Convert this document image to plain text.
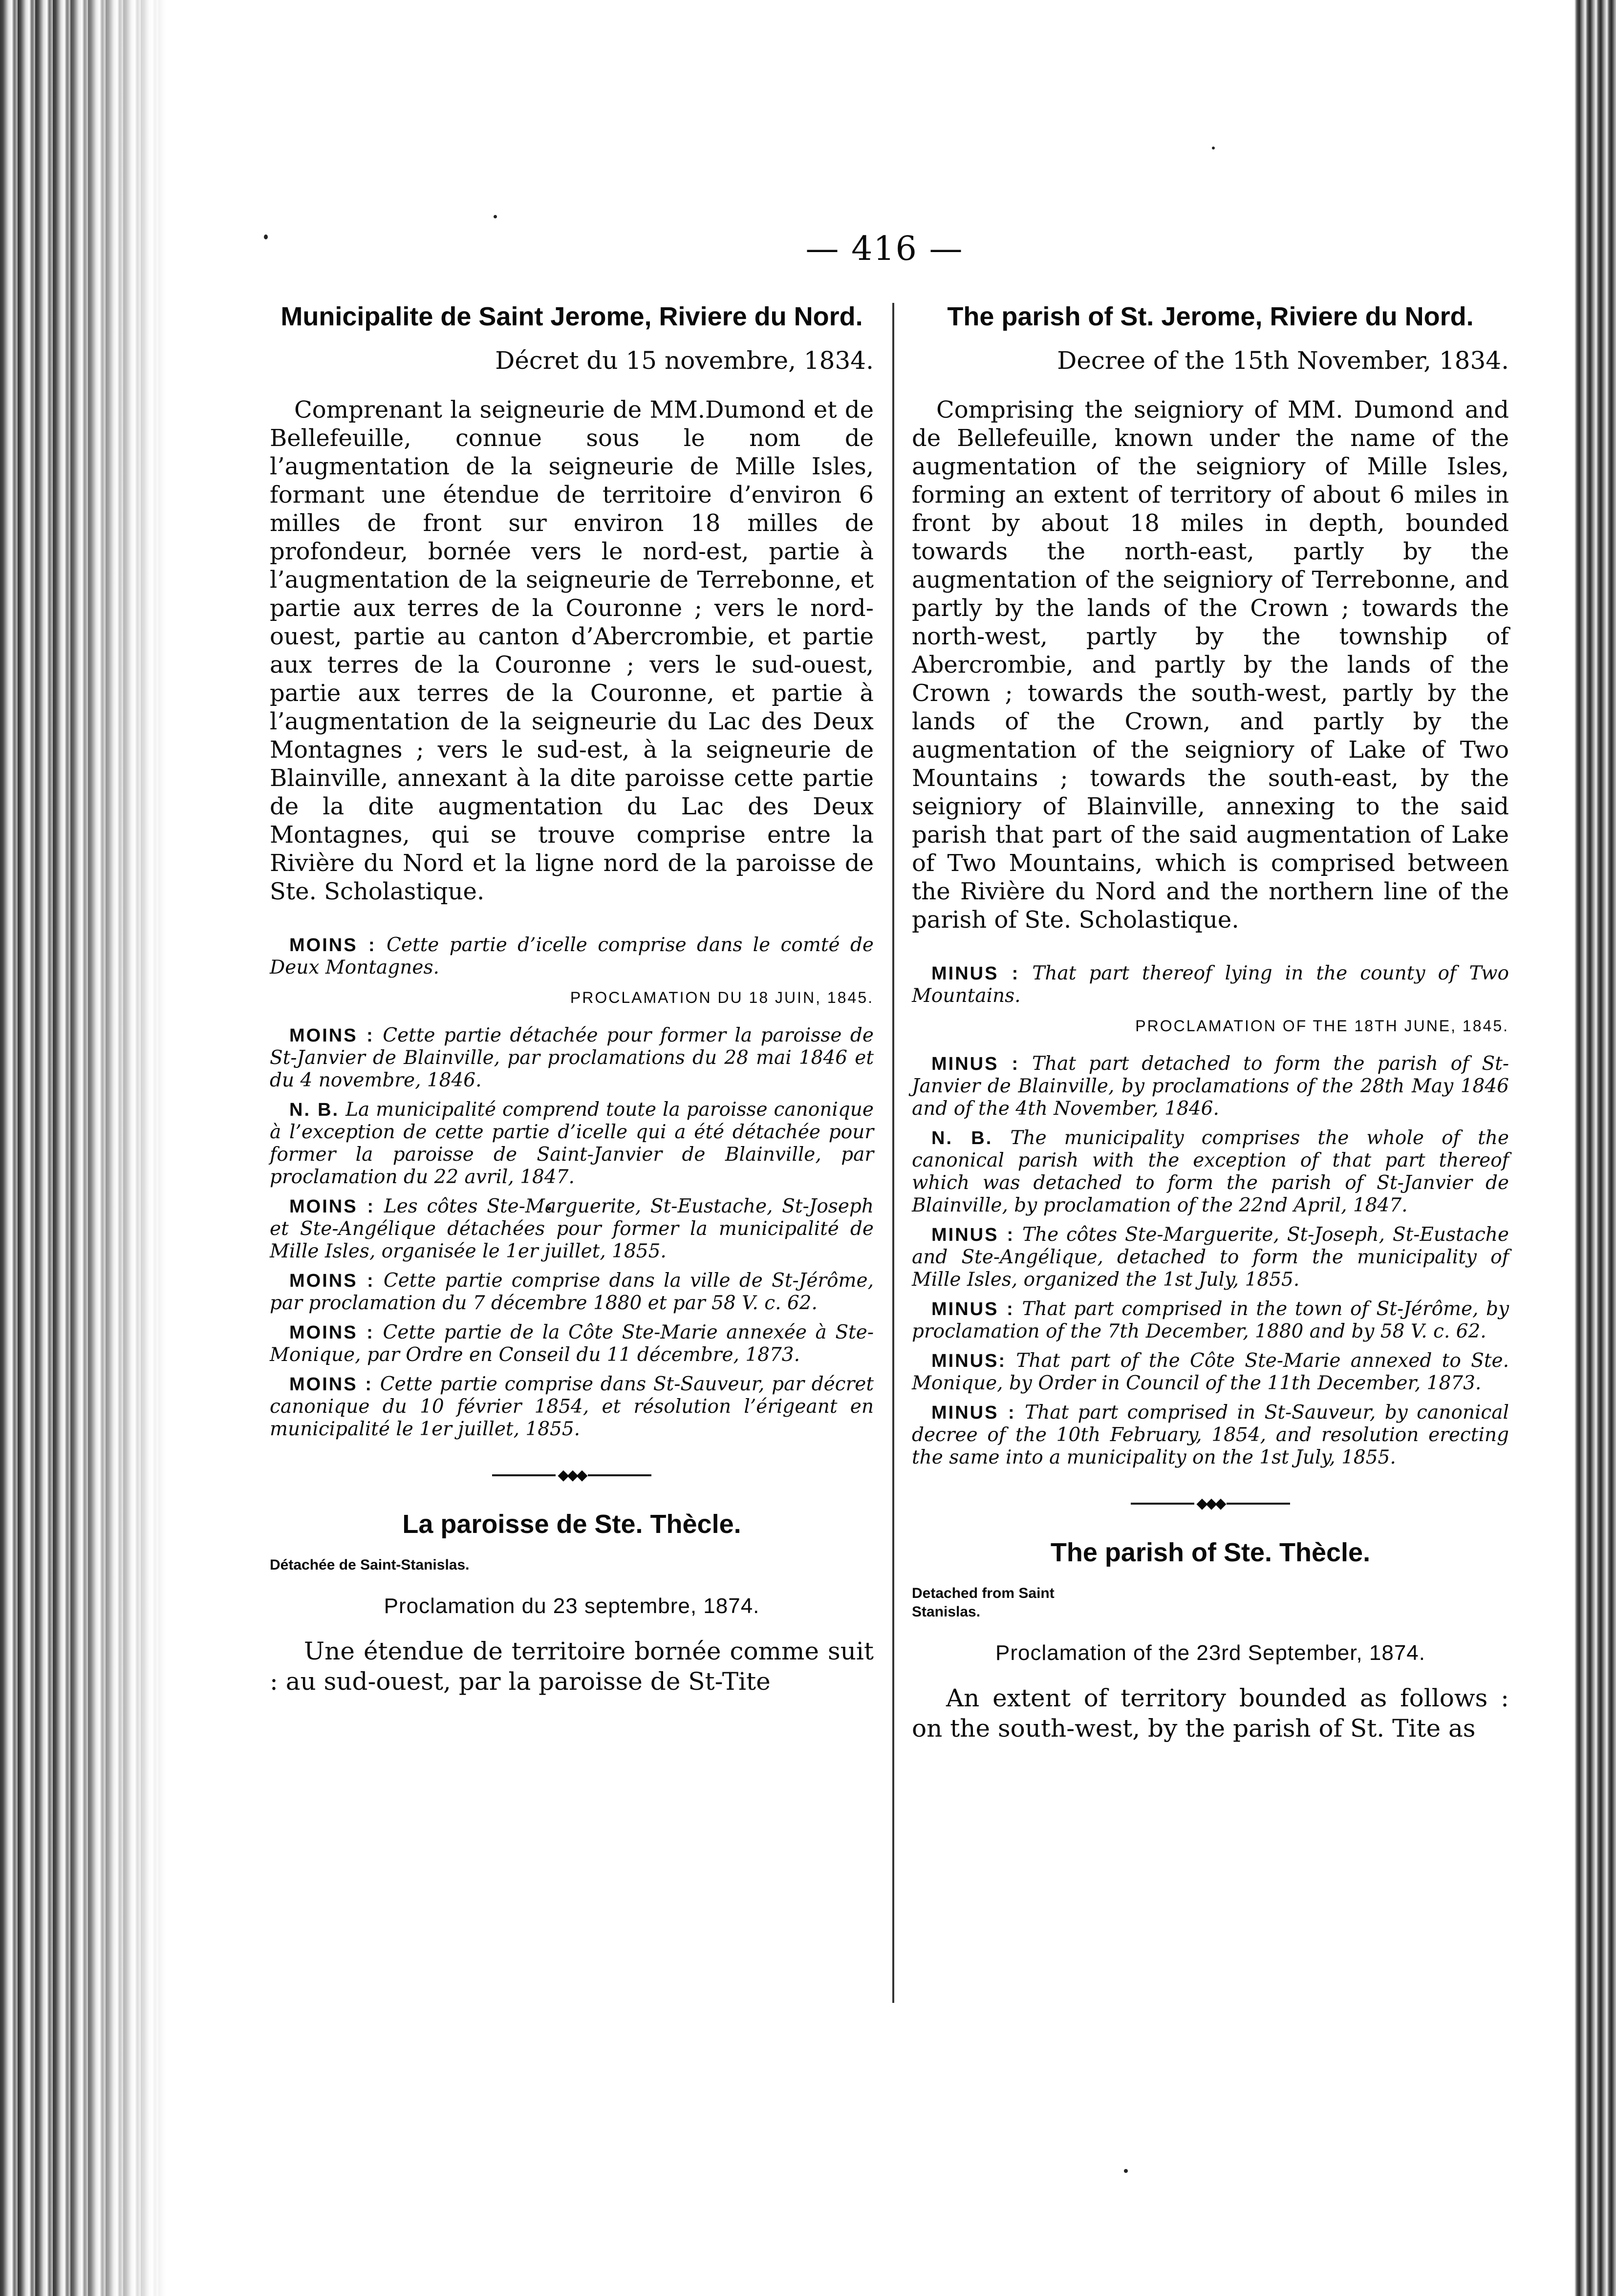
— 416 —
Municipalite de Saint Jerome, Riviere du Nord.

Décret du 15 novembre, 1834.

Comprenant la seigneurie de MM.Dumond et de Bellefeuille, connue sous le nom de l’augmentation de la seigneurie de Mille Isles, formant une étendue de territoire d’environ 6 milles de front sur environ 18 milles de profondeur, bornée vers le nord-est, partie à l’augmentation de la seigneurie de Terrebonne, et partie aux terres de la Couronne ; vers le nord-ouest, partie au canton d’Abercrombie, et partie aux terres de la Couronne ; vers le sud-ouest, partie aux terres de la Couronne, et partie à l’augmentation de la seigneurie du Lac des Deux Montagnes ; vers le sud-est, à la seigneurie de Blainville, annexant à la dite paroisse cette partie de la dite augmentation du Lac des Deux Montagnes, qui se trouve comprise entre la Rivière du Nord et la ligne nord de la paroisse de Ste. Scholastique.

MOINS : Cette partie d’icelle comprise dans le comté de Deux Montagnes.

PROCLAMATION DU 18 JUIN, 1845.

MOINS : Cette partie détachée pour former la paroisse de St-Janvier de Blainville, par proclamations du 28 mai 1846 et du 4 novembre, 1846.

N. B. La municipalité comprend toute la paroisse canonique à l’exception de cette partie d’icelle qui a été détachée pour former la paroisse de Saint-Janvier de Blainville, par proclamation du 22 avril, 1847.

MOINS : Les côtes Ste-Marguerite, St-Eustache, St-Joseph et Ste-Angélique détachées pour former la municipalité de Mille Isles, organisée le 1er juillet, 1855.

MOINS : Cette partie comprise dans la ville de St-Jérôme, par proclamation du 7 décembre 1880 et par 58 V. c. 62.

MOINS : Cette partie de la Côte Ste-Marie annexée à Ste-Monique, par Ordre en Conseil du 11 décembre, 1873.

MOINS : Cette partie comprise dans St-Sauveur, par décret canonique du 10 février 1854, et résolution l’érigeant en municipalité le 1er juillet, 1855.

◆◆◆
La paroisse de Ste. Thècle.

Détachée de Saint-Stanislas.

Proclamation du 23 septembre, 1874.

Une étendue de territoire bornée comme suit : au sud-ouest, par la paroisse de St-Tite

The parish of St. Jerome, Riviere du Nord.

Decree of the 15th November, 1834.

Comprising the seigniory of MM. Dumond and de Bellefeuille, known under the name of the augmentation of the seigniory of Mille Isles, forming an extent of territory of about 6 miles in front by about 18 miles in depth, bounded towards the north-east, partly by the augmentation of the seigniory of Terrebonne, and partly by the lands of the Crown ; towards the north-west, partly by the township of Abercrombie, and partly by the lands of the Crown ; towards the south-west, partly by the lands of the Crown, and partly by the augmentation of the seigniory of Lake of Two Mountains ; towards the south-east, by the seigniory of Blainville, annexing to the said parish that part of the said augmentation of Lake of Two Mountains, which is comprised between the Rivière du Nord and the northern line of the parish of Ste. Scholastique.

MINUS : That part thereof lying in the county of Two Mountains.

PROCLAMATION OF THE 18TH JUNE, 1845.

MINUS : That part detached to form the parish of St-Janvier de Blainville, by proclamations of the 28th May 1846 and of the 4th November, 1846.

N. B. The municipality comprises the whole of the canonical parish with the exception of that part thereof which was detached to form the parish of St-Janvier de Blainville, by proclamation of the 22nd April, 1847.

MINUS : The côtes Ste-Marguerite, St-Joseph, St-Eustache and Ste-Angélique, detached to form the municipality of Mille Isles, organized the 1st July, 1855.

MINUS : That part comprised in the town of St-Jérôme, by proclamation of the 7th December, 1880 and by 58 V. c. 62.

MINUS: That part of the Côte Ste-Marie annexed to Ste. Monique, by Order in Council of the 11th December, 1873.

MINUS : That part comprised in St-Sauveur, by canonical decree of the 10th February, 1854, and resolution erecting the same into a municipality on the 1st July, 1855.

◆◆◆
The parish of Ste. Thècle.

Detached from Saint Stanislas.

Proclamation of the 23rd September, 1874.

An extent of territory bounded as follows : on the south-west, by the parish of St. Tite as
